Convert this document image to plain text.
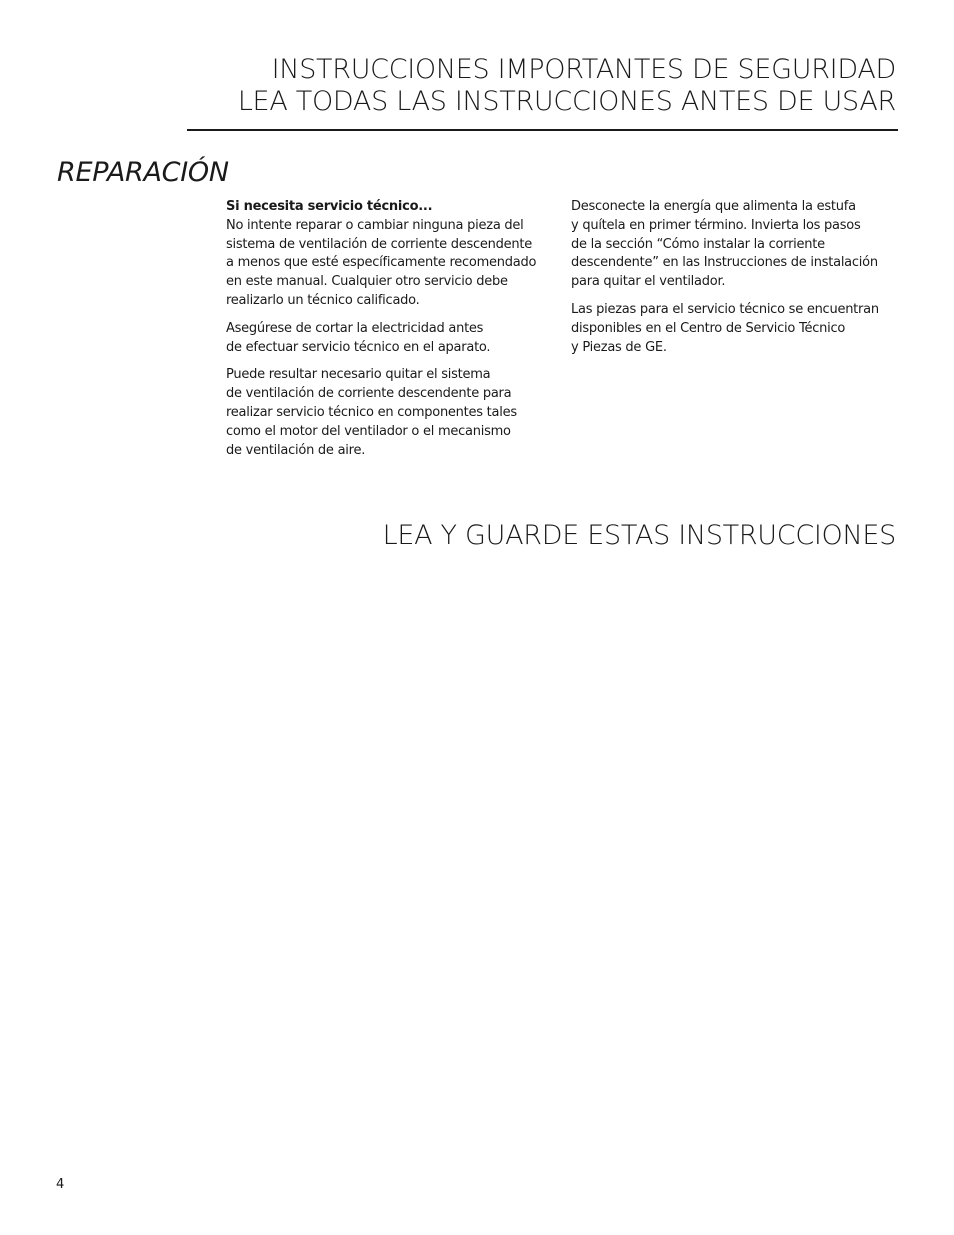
INSTRUCCIONES IMPORTANTES DE SEGURIDAD
LEA TODAS LAS INSTRUCCIONES ANTES DE USAR
REPARACIÓN

Si necesita servicio técnico...

No intente reparar o cambiar ninguna pieza del
sistema de ventilación de corriente descendente
a menos que esté específicamente recomendado
en este manual. Cualquier otro servicio debe
realizarlo un técnico calificado.

Asegúrese de cortar la electricidad antes
de efectuar servicio técnico en el aparato.

Puede resultar necesario quitar el sistema
de ventilación de corriente descendente para
realizar servicio técnico en componentes tales
como el motor del ventilador o el mecanismo
de ventilación de aire.

Desconecte la energía que alimenta la estufa
y quítela en primer término. Invierta los pasos
de la sección “Cómo instalar la corriente
descendente” en las Instrucciones de instalación
para quitar el ventilador.

Las piezas para el servicio técnico se encuentran
disponibles en el Centro de Servicio Técnico
y Piezas de GE.

LEA Y GUARDE ESTAS INSTRUCCIONES
4
